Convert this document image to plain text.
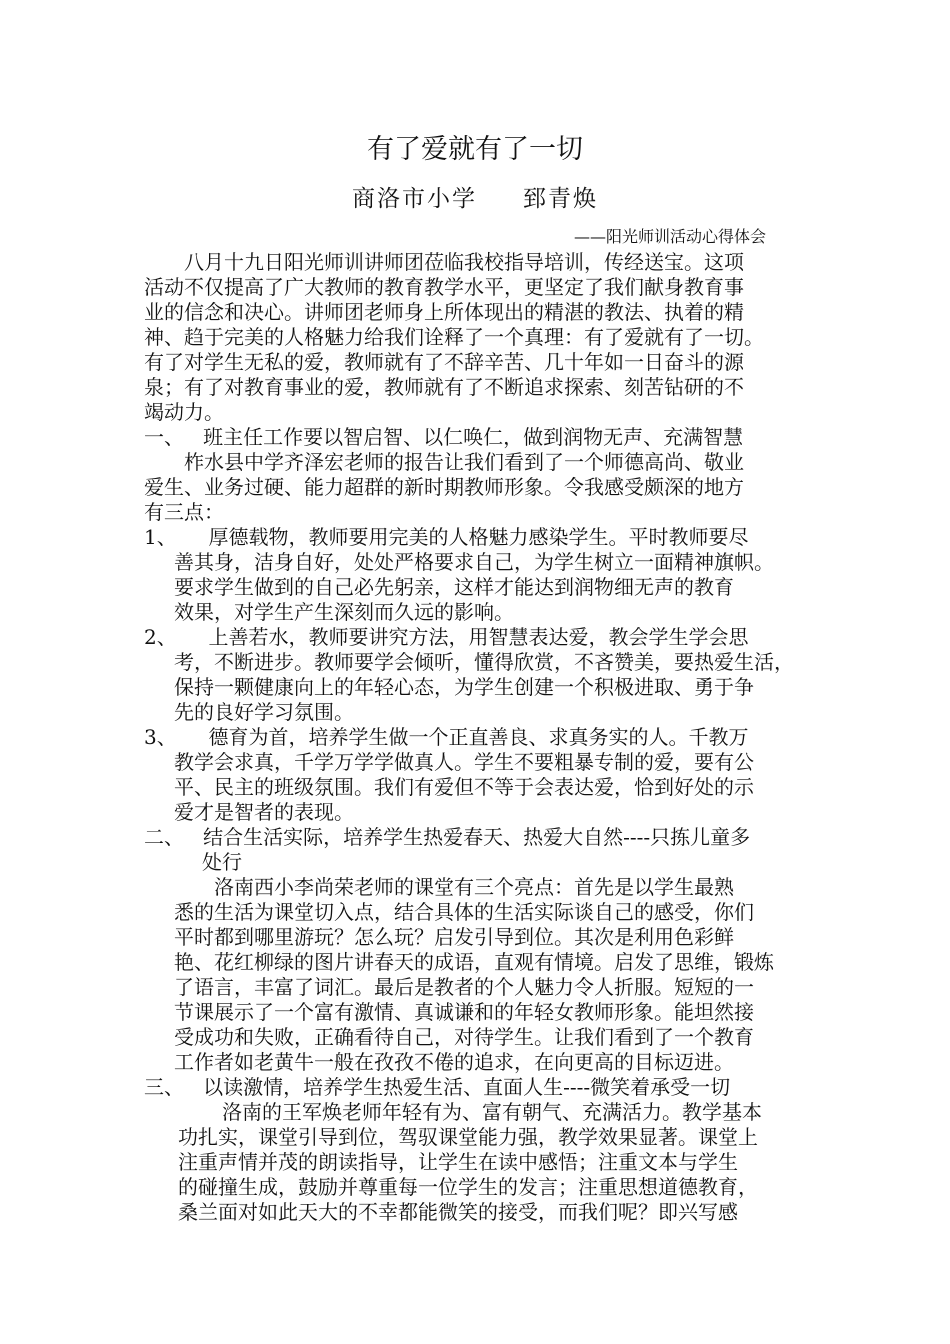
有了爱就有了一切
商洛市小学 郅青焕
——阳光师训活动心得体会
八月十九日阳光师训讲师团莅临我校指导培训，传经送宝。这项
活动不仅提高了广大教师的教育教学水平，更坚定了我们献身教育事
业的信念和决心。讲师团老师身上所体现出的精湛的教法、执着的精
神、趋于完美的人格魅力给我们诠释了一个真理：有了爱就有了一切。
有了对学生无私的爱，教师就有了不辞辛苦、几十年如一日奋斗的源
泉；有了对教育事业的爱，教师就有了不断追求探索、刻苦钻研的不
竭动力。
一、   班主任工作要以智启智、以仁唤仁，做到润物无声、充满智慧
柞水县中学齐泽宏老师的报告让我们看到了一个师德高尚、敬业
爱生、业务过硬、能力超群的新时期教师形象。令我感受颇深的地方
有三点：
1、     厚德载物，教师要用完美的人格魅力感染学生。平时教师要尽
善其身，洁身自好，处处严格要求自己，为学生树立一面精神旗帜。
要求学生做到的自己必先躬亲，这样才能达到润物细无声的教育
效果，对学生产生深刻而久远的影响。
2、     上善若水，教师要讲究方法，用智慧表达爱，教会学生学会思
考，不断进步。教师要学会倾听，懂得欣赏，不吝赞美，要热爱生活，
保持一颗健康向上的年轻心态，为学生创建一个积极进取、勇于争
先的良好学习氛围。
3、     德育为首，培养学生做一个正直善良、求真务实的人。千教万
教学会求真，千学万学学做真人。学生不要粗暴专制的爱，要有公
平、民主的班级氛围。我们有爱但不等于会表达爱，恰到好处的示
爱才是智者的表现。
二、   结合生活实际，培养学生热爱春天、热爱大自然----只拣儿童多
处行
洛南西小李尚荣老师的课堂有三个亮点：首先是以学生最熟
悉的生活为课堂切入点，结合具体的生活实际谈自己的感受，你们
平时都到哪里游玩？怎么玩？启发引导到位。其次是利用色彩鲜
艳、花红柳绿的图片讲春天的成语，直观有情境。启发了思维，锻炼
了语言，丰富了词汇。最后是教者的个人魅力令人折服。短短的一
节课展示了一个富有激情、真诚谦和的年轻女教师形象。能坦然接
受成功和失败，正确看待自己，对待学生。让我们看到了一个教育
工作者如老黄牛一般在孜孜不倦的追求，在向更高的目标迈进。
三、   以读激情，培养学生热爱生活、直面人生----微笑着承受一切
洛南的王军焕老师年轻有为、富有朝气、充满活力。教学基本
功扎实，课堂引导到位，驾驭课堂能力强，教学效果显著。课堂上
注重声情并茂的朗读指导，让学生在读中感悟；注重文本与学生
的碰撞生成，鼓励并尊重每一位学生的发言；注重思想道德教育，
桑兰面对如此天大的不幸都能微笑的接受，而我们呢？即兴写感
